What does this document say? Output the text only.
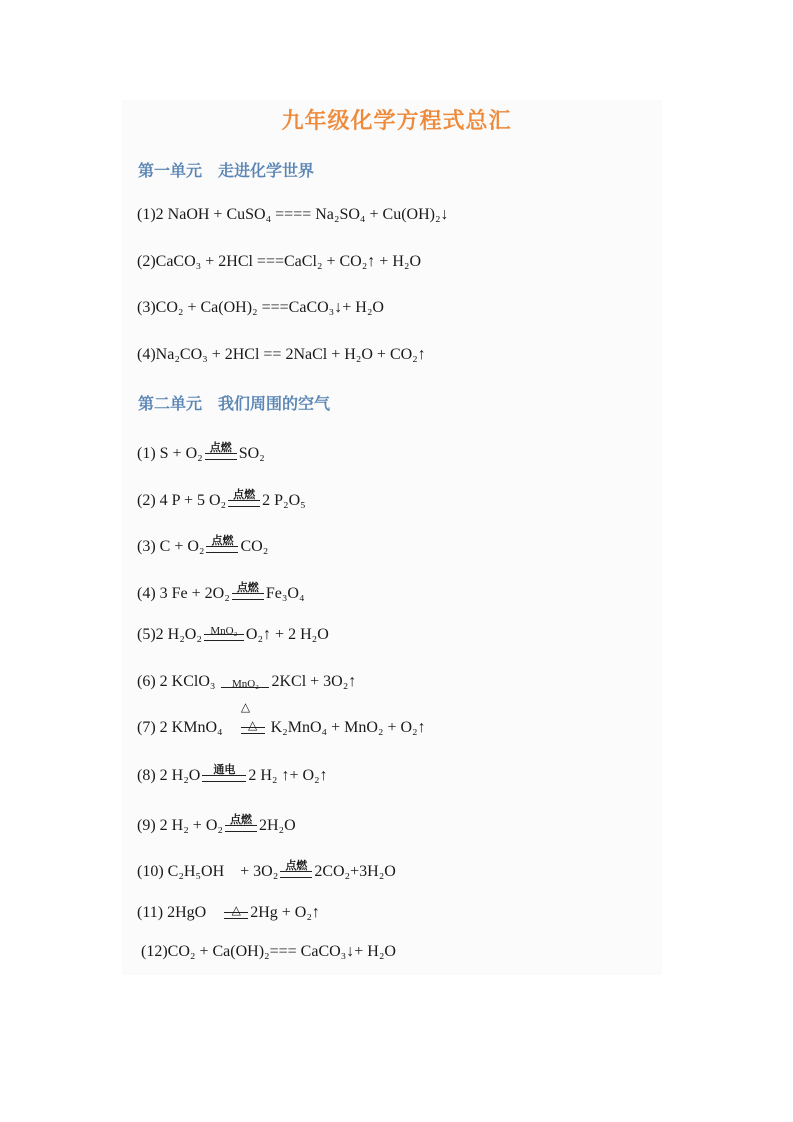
九年级化学方程式总汇
第一单元　走进化学世界
(1)2 NaOH + CuSO₄ ==== Na₂SO₄ + Cu(OH)₂↓
(2)CaCO₃ + 2HCl ===CaCl₂ + CO₂↑ + H₂O
(3)CO₂ + Ca(OH)₂ ===CaCO₃↓+ H₂O
(4)Na₂CO₃ + 2HCl == 2NaCl + H₂O + CO₂↑
第二单元　我们周围的空气
(1) S + O₂ 点燃 SO₂
(2) 4 P + 5 O₂ 点燃 2 P₂O₅
(3) C + O₂ 点燃 CO₂
(4) 3 Fe + 2O₂ 点燃 Fe₃O₄
(5)2 H₂O₂ MnO₂ O₂↑ + 2 H₂O
(6) 2 KClO₃	MnO₂
△
2KCl + 3O₂↑
(7) 2 KMnO₄　	△ K₂MnO₄ + MnO₂ + O₂↑
(8) 2 H₂O	通电 2 H₂ ↑+ O₂↑
(9) 2 H₂ + O₂ 点燃 2H₂O
(10) C₂H₅OH　+ 3O₂ 点燃 2CO₂+3H₂O
(11) 2HgO　	△ 2Hg + O₂↑
(12)CO₂ + Ca(OH)₂=== CaCO₃↓+ H₂O
